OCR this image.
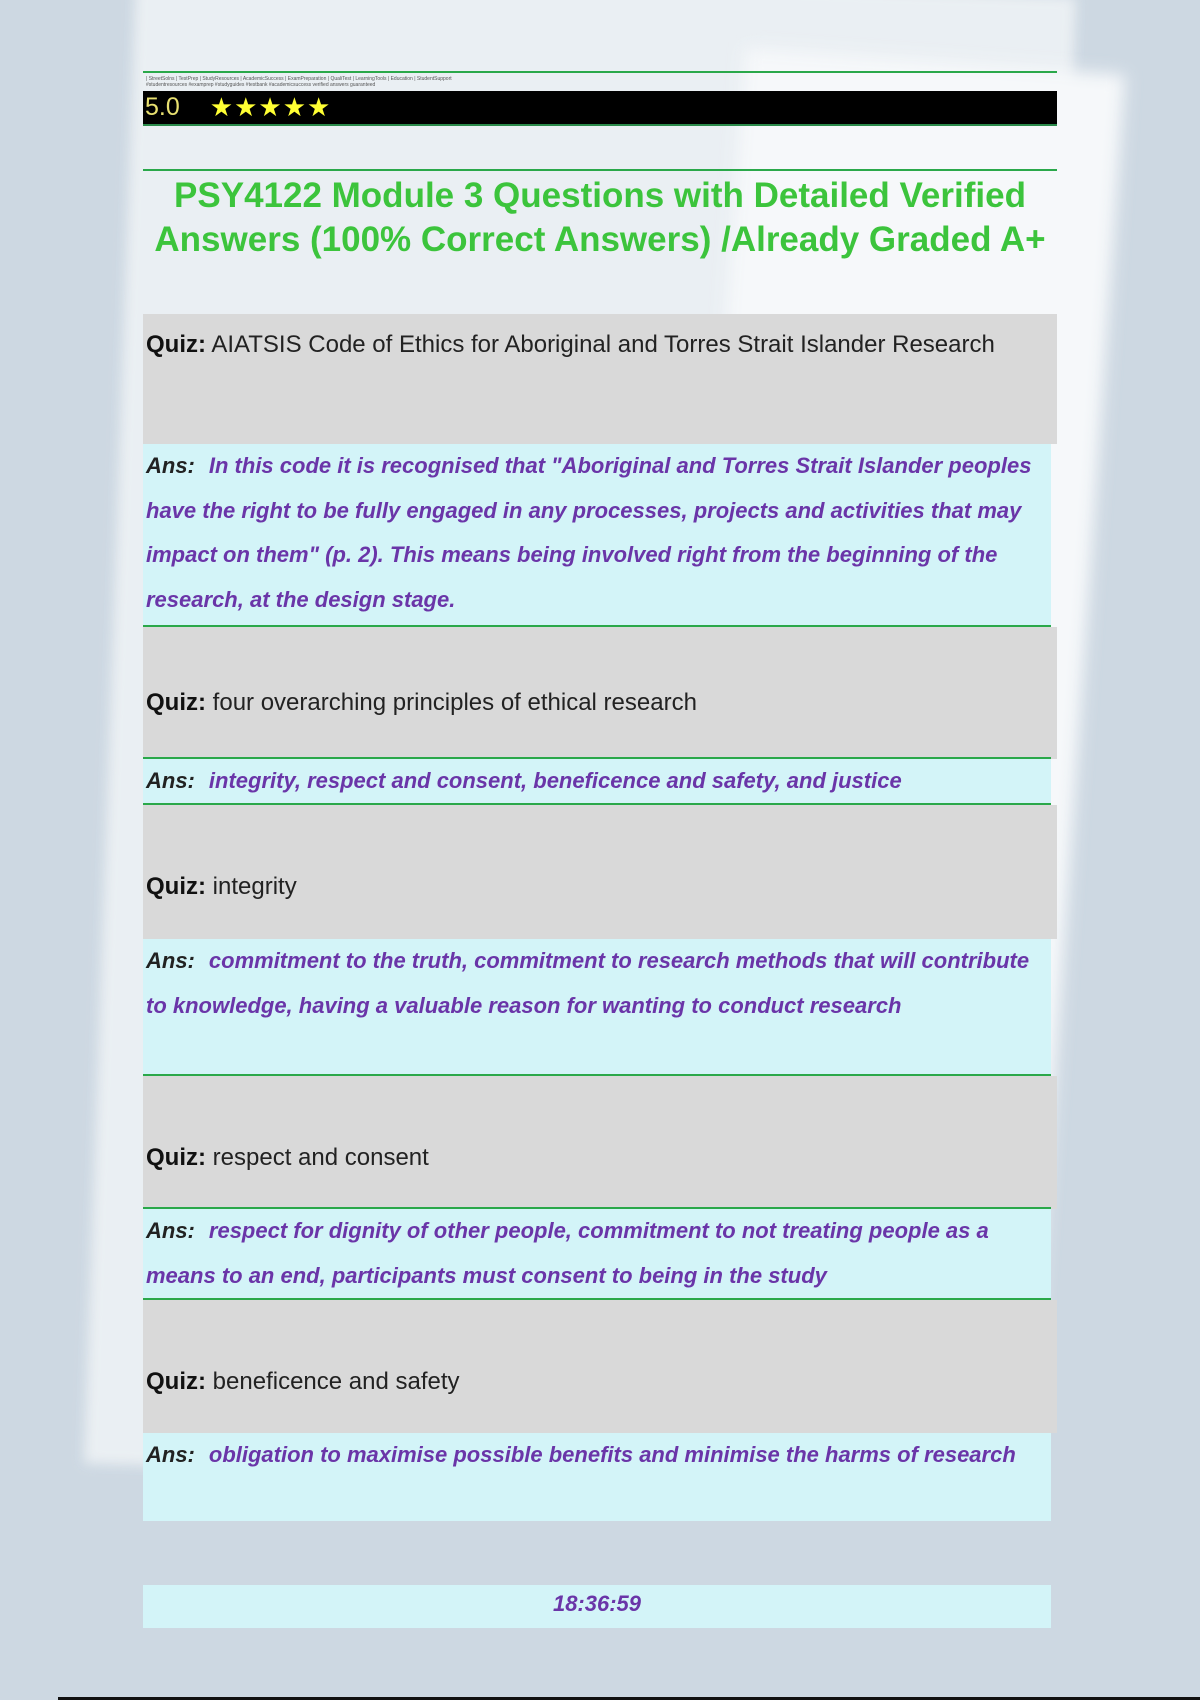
| StreetSolns | TestPrep | StudyResources | AcademicSuccess | ExamPreparation | QualiTest | LearningTools | Education | StudentSupport
#studentresources #examprep #studyguides #testbank #academicsuccess verified answers guaranteed
5.0 ★★★★★
PSY4122 Module 3 Questions with Detailed Verified Answers (100% Correct Answers) /Already Graded A+
Quiz: AIATSIS Code of Ethics for Aboriginal and Torres Strait Islander Research
Ans: In this code it is recognised that "Aboriginal and Torres Strait Islander peoples have the right to be fully engaged in any processes, projects and activities that may impact on them" (p. 2). This means being involved right from the beginning of the research, at the design stage.
Quiz: four overarching principles of ethical research
Ans: integrity, respect and consent, beneficence and safety, and justice
Quiz: integrity
Ans: commitment to the truth, commitment to research methods that will contribute to knowledge, having a valuable reason for wanting to conduct research
Quiz: respect and consent
Ans: respect for dignity of other people, commitment to not treating people as a means to an end, participants must consent to being in the study
Quiz: beneficence and safety
Ans: obligation to maximise possible benefits and minimise the harms of research
18:36:59
